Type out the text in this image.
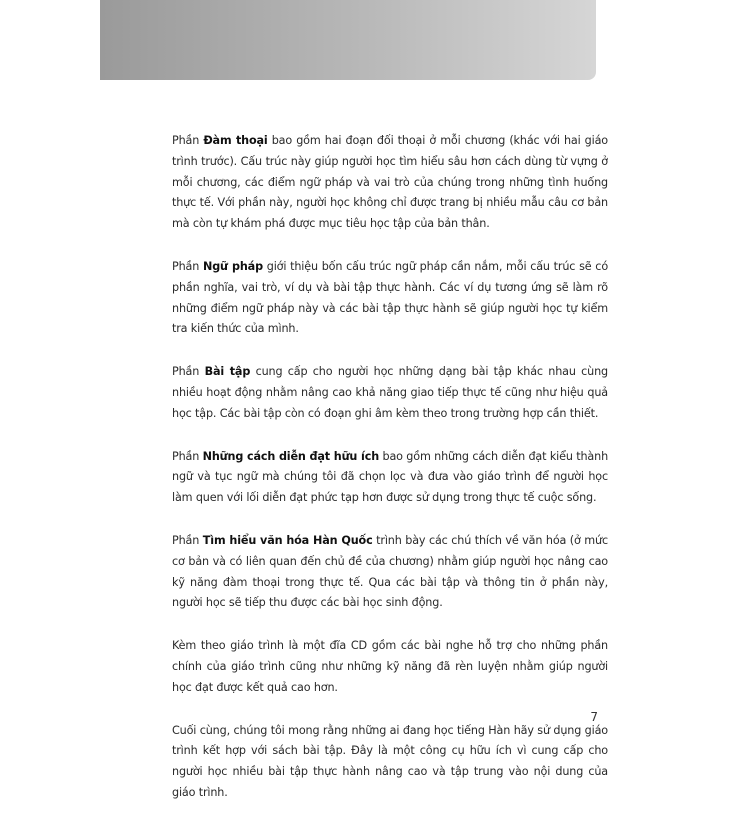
Phần Đàm thoại bao gồm hai đoạn đối thoại ở mỗi chương (khác với hai giáo trình trước). Cấu trúc này giúp người học tìm hiểu sâu hơn cách dùng từ vựng ở mỗi chương, các điểm ngữ pháp và vai trò của chúng trong những tình huống thực tế. Với phần này, người học không chỉ được trang bị nhiều mẫu câu cơ bản mà còn tự khám phá được mục tiêu học tập của bản thân.

Phần Ngữ pháp giới thiệu bốn cấu trúc ngữ pháp cần nắm, mỗi cấu trúc sẽ có phần nghĩa, vai trò, ví dụ và bài tập thực hành. Các ví dụ tương ứng sẽ làm rõ những điểm ngữ pháp này và các bài tập thực hành sẽ giúp người học tự kiểm tra kiến thức của mình.

Phần Bài tập cung cấp cho người học những dạng bài tập khác nhau cùng nhiều hoạt động nhằm nâng cao khả năng giao tiếp thực tế cũng như hiệu quả học tập. Các bài tập còn có đoạn ghi âm kèm theo trong trường hợp cần thiết.

Phần Những cách diễn đạt hữu ích bao gồm những cách diễn đạt kiểu thành ngữ và tục ngữ mà chúng tôi đã chọn lọc và đưa vào giáo trình để người học làm quen với lối diễn đạt phức tạp hơn được sử dụng trong thực tế cuộc sống.

Phần Tìm hiểu văn hóa Hàn Quốc trình bày các chú thích về văn hóa (ở mức cơ bản và có liên quan đến chủ đề của chương) nhằm giúp người học nâng cao kỹ năng đàm thoại trong thực tế. Qua các bài tập và thông tin ở phần này, người học sẽ tiếp thu được các bài học sinh động.

Kèm theo giáo trình là một đĩa CD gồm các bài nghe hỗ trợ cho những phần chính của giáo trình cũng như những kỹ năng đã rèn luyện nhằm giúp người học đạt được kết quả cao hơn.

Cuối cùng, chúng tôi mong rằng những ai đang học tiếng Hàn hãy sử dụng giáo trình kết hợp với sách bài tập. Đây là một công cụ hữu ích vì cung cấp cho người học nhiều bài tập thực hành nâng cao và tập trung vào nội dung của giáo trình.

7
